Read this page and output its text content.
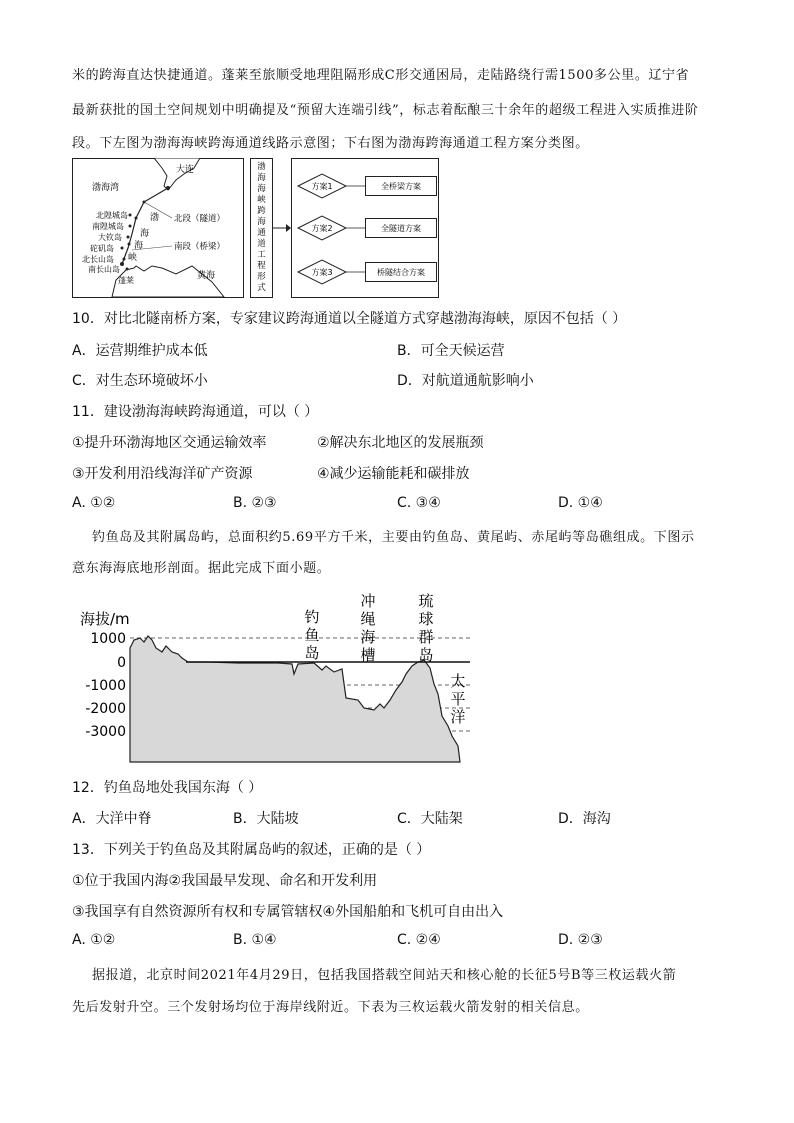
米的跨海直达快捷通道。蓬莱至旅顺受地理阻隔形成C形交通困局，走陆路绕行需1500多公里。辽宁省
最新获批的国土空间规划中明确提及“预留大连端引线”，标志着酝酿三十余年的超级工程进入实质推进阶
段。下左图为渤海海峡跨海通道线路示意图；下右图为渤海跨海通道工程方案分类图。
渤海湾
大连
渤
海
海
峡
北段（隧道）
南段（桥梁）
黄海
蓬莱
北隍城岛
南隍城岛
大钦岛
砣矶岛
北长山岛
南长山岛
渤
海
海
峡
跨
海
通
道
工
程
形
式
方案1	全桥梁方案
方案2	全隧道方案
方案3	桥隧结合方案
10．对比北隧南桥方案，专家建议跨海通道以全隧道方式穿越渤海海峡，原因不包括（ ）
A．运营期维护成本低	B．可全天候运营
C．对生态环境破坏小	D．对航道通航影响小
11．建设渤海海峡跨海通道，可以（ ）
①提升环渤海地区交通运输效率	②解决东北地区的发展瓶颈
③开发利用沿线海洋矿产资源	④减少运输能耗和碳排放
A. ①②	B. ②③	C. ③④	D. ①④
钓鱼岛及其附属岛屿，总面积约5.69平方千米，主要由钓鱼岛、黄尾屿、赤尾屿等岛礁组成。下图示
意东海海底地形剖面。据此完成下面小题。
海拔/m
1000
0
-1000
-2000
-3000
钓
鱼
岛
冲
绳
海
槽
琉
球
群
岛
太
平
洋
12．钓鱼岛地处我国东海（ ）
A．大洋中脊	B．大陆坡	C．大陆架	D．海沟
13．下列关于钓鱼岛及其附属岛屿的叙述，正确的是（ ）
①位于我国内海②我国最早发现、命名和开发利用
③我国享有自然资源所有权和专属管辖权④外国船舶和飞机可自由出入
A. ①②	B. ①④	C. ②④	D. ②③
据报道，北京时间2021年4月29日，包括我国搭载空间站天和核心舱的长征5号B等三枚运载火箭
先后发射升空。三个发射场均位于海岸线附近。下表为三枚运载火箭发射的相关信息。
